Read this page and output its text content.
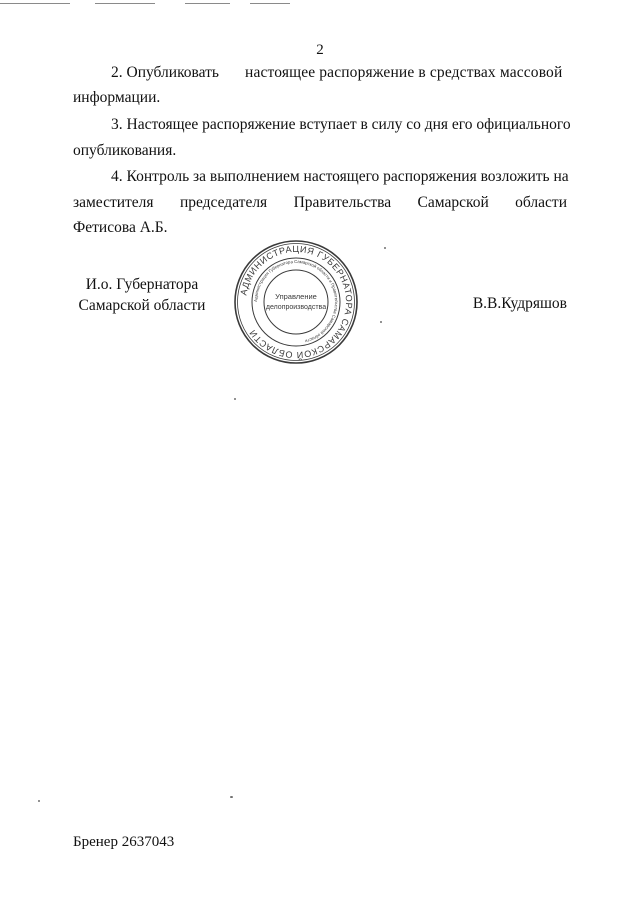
2
2. Опубликовать настоящее распоряжение в средствах массовой
информации.
3. Настоящее распоряжение вступает в силу со дня его официального
опубликования.
4. Контроль за выполнением настоящего распоряжения возложить на
заместителя председателя Правительства Самарской области
Фетисова А.Б.
И.о. Губернатора
Самарской области
АДМИНИСТРАЦИЯ ГУБЕРНАТОРА САМАРСКОЙ ОБЛАСТИ
Администрация Губернатора Самарской области и Правительства Самарской области
Управление
делопроизводства	В.В.Кудряшов
Бренер 2637043
